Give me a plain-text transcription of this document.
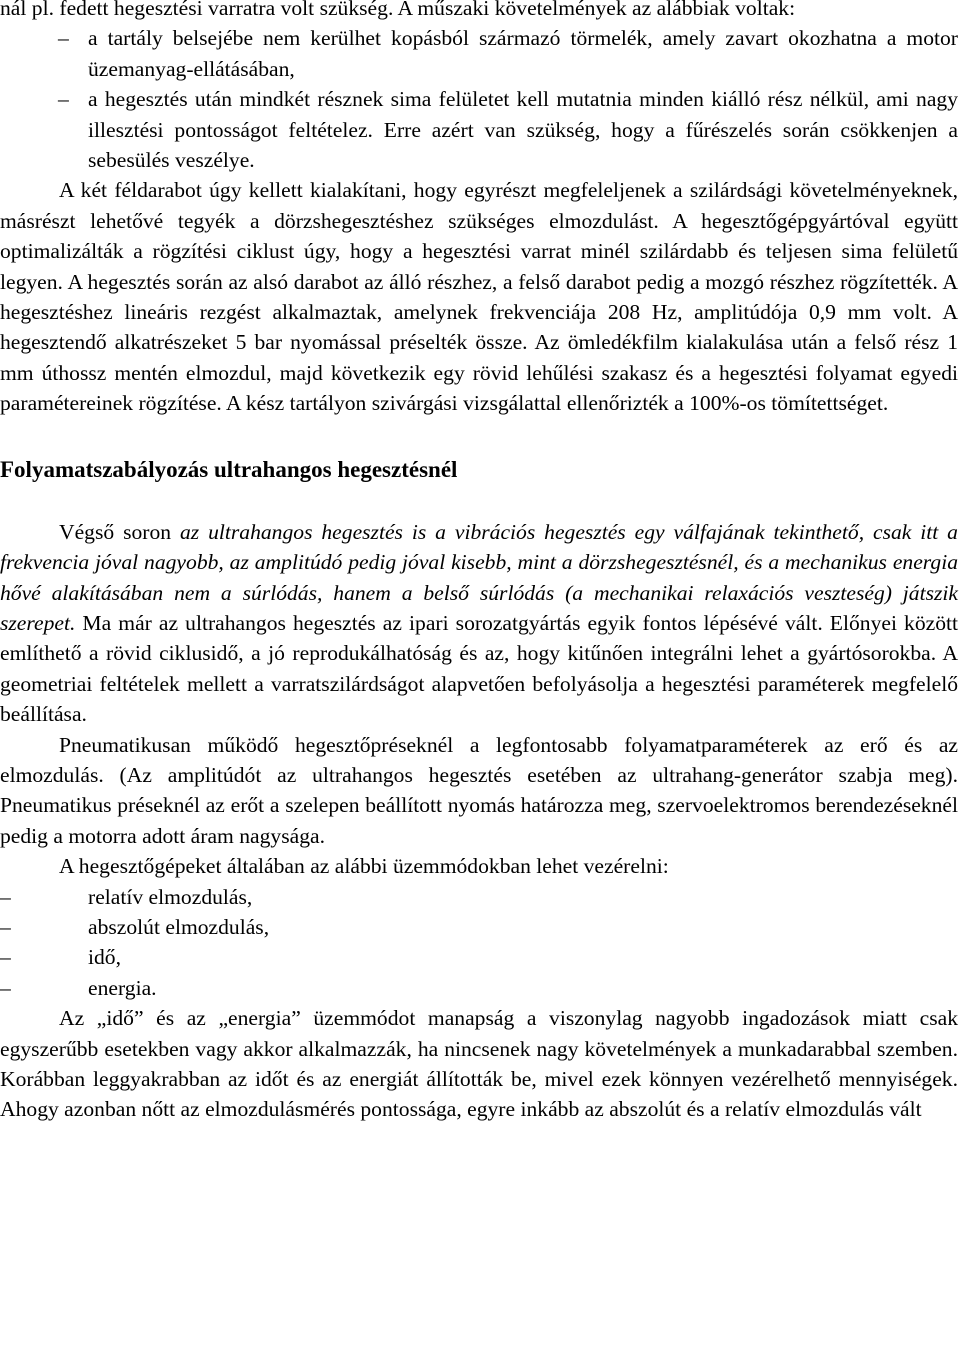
nál pl. fedett hegesztési varratra volt szükség. A műszaki követelmények az alábbiak voltak:

– a tartály belsejébe nem kerülhet kopásból származó törmelék, amely zavart okozhatna a motor üzemanyag-ellátásában,
– a hegesztés után mindkét résznek sima felületet kell mutatnia minden kiálló rész nélkül, ami nagy illesztési pontosságot feltételez. Erre azért van szükség, hogy a fűrészelés során csökkenjen a sebesülés veszélye.

A két féldarabot úgy kellett kialakítani, hogy egyrészt megfeleljenek a szilárdsági követelményeknek, másrészt lehetővé tegyék a dörzshegesztéshez szükséges elmozdulást. A hegesztőgépgyártóval együtt optimalizálták a rögzítési ciklust úgy, hogy a hegesztési varrat minél szilárdabb és teljesen sima felületű legyen. A hegesztés során az alsó darabot az álló részhez, a felső darabot pedig a mozgó részhez rögzítették. A hegesztéshez lineáris rezgést alkalmaztak, amelynek frekvenciája 208 Hz, amplitúdója 0,9 mm volt. A hegesztendő alkatrészeket 5 bar nyomással préselték össze. Az ömledékfilm kialakulása után a felső rész 1 mm úthossz mentén elmozdul, majd következik egy rövid lehűlési szakasz és a hegesztési folyamat egyedi paramétereinek rögzítése. A kész tartályon szivárgási vizsgálattal ellenőrizték a 100%-os tömítettséget.

Folyamatszabályozás ultrahangos hegesztésnél

Végső soron az ultrahangos hegesztés is a vibrációs hegesztés egy válfajának tekinthető, csak itt a frekvencia jóval nagyobb, az amplitúdó pedig jóval kisebb, mint a dörzshegesztésnél, és a mechanikus energia hővé alakításában nem a súrlódás, hanem a belső súrlódás (a mechanikai relaxációs veszteség) játszik szerepet. Ma már az ultrahangos hegesztés az ipari sorozatgyártás egyik fontos lépésévé vált. Előnyei között említhető a rövid ciklusidő, a jó reprodukálhatóság és az, hogy kitűnően integrálni lehet a gyártósorokba. A geometriai feltételek mellett a varratszilárdságot alapvetően befolyásolja a hegesztési paraméterek megfelelő beállítása.

Pneumatikusan működő hegesztőpréseknél a legfontosabb folyamatparaméterek az erő és az elmozdulás. (Az amplitúdót az ultrahangos hegesztés esetében az ultrahang-generátor szabja meg). Pneumatikus préseknél az erőt a szelepen beállított nyomás határozza meg, szervoelektromos berendezéseknél pedig a motorra adott áram nagysága.

A hegesztőgépeket általában az alábbi üzemmódokban lehet vezérelni:

–	relatív elmozdulás,
–	abszolút elmozdulás,
–	idő,
–	energia.

Az „idő” és az „energia” üzemmódot manapság a viszonylag nagyobb ingadozások miatt csak egyszerűbb esetekben vagy akkor alkalmazzák, ha nincsenek nagy követelmények a munkadarabbal szemben. Korábban leggyakrabban az időt és az energiát állították be, mivel ezek könnyen vezérelhető mennyiségek. Ahogy azonban nőtt az elmozdulásmérés pontossága, egyre inkább az abszolút és a relatív elmozdulás vált
